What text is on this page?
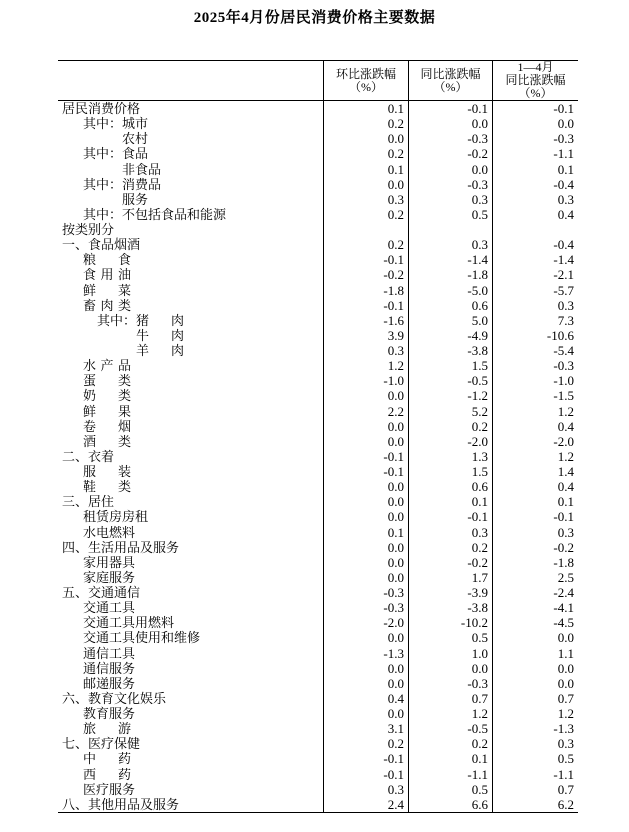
2025年4月份居民消费价格主要数据
环比涨跌幅
（%）
同比涨跌幅
（%）
1—4月
同比涨跌幅
（%）
居民消费价格	0.1	-0.1	-0.1
其中：城市	0.2	0.0	0.0
农村	0.0	-0.3	-0.3
其中：食品	0.2	-0.2	-1.1
非食品	0.1	0.0	0.1
其中：消费品	0.0	-0.3	-0.4
服务	0.3	0.3	0.3
其中：不包括食品和能源	0.2	0.5	0.4
按类别分
一、食品烟酒	0.2	0.3	-0.4
粮食	-0.1	-1.4	-1.4
食用油	-0.2	-1.8	-2.1
鲜菜	-1.8	-5.0	-5.7
畜肉类	-0.1	0.6	0.3
其中：猪肉	-1.6	5.0	7.3
牛肉	3.9	-4.9	-10.6
羊肉	0.3	-3.8	-5.4
水产品	1.2	1.5	-0.3
蛋类	-1.0	-0.5	-1.0
奶类	0.0	-1.2	-1.5
鲜果	2.2	5.2	1.2
卷烟	0.0	0.2	0.4
酒类	0.0	-2.0	-2.0
二、衣着	-0.1	1.3	1.2
服装	-0.1	1.5	1.4
鞋类	0.0	0.6	0.4
三、居住	0.0	0.1	0.1
租赁房房租	0.0	-0.1	-0.1
水电燃料	0.1	0.3	0.3
四、生活用品及服务	0.0	0.2	-0.2
家用器具	0.0	-0.2	-1.8
家庭服务	0.0	1.7	2.5
五、交通通信	-0.3	-3.9	-2.4
交通工具	-0.3	-3.8	-4.1
交通工具用燃料	-2.0	-10.2	-4.5
交通工具使用和维修	0.0	0.5	0.0
通信工具	-1.3	1.0	1.1
通信服务	0.0	0.0	0.0
邮递服务	0.0	-0.3	0.0
六、教育文化娱乐	0.4	0.7	0.7
教育服务	0.0	1.2	1.2
旅游	3.1	-0.5	-1.3
七、医疗保健	0.2	0.2	0.3
中药	-0.1	0.1	0.5
西药	-0.1	-1.1	-1.1
医疗服务	0.3	0.5	0.7
八、其他用品及服务	2.4	6.6	6.2
